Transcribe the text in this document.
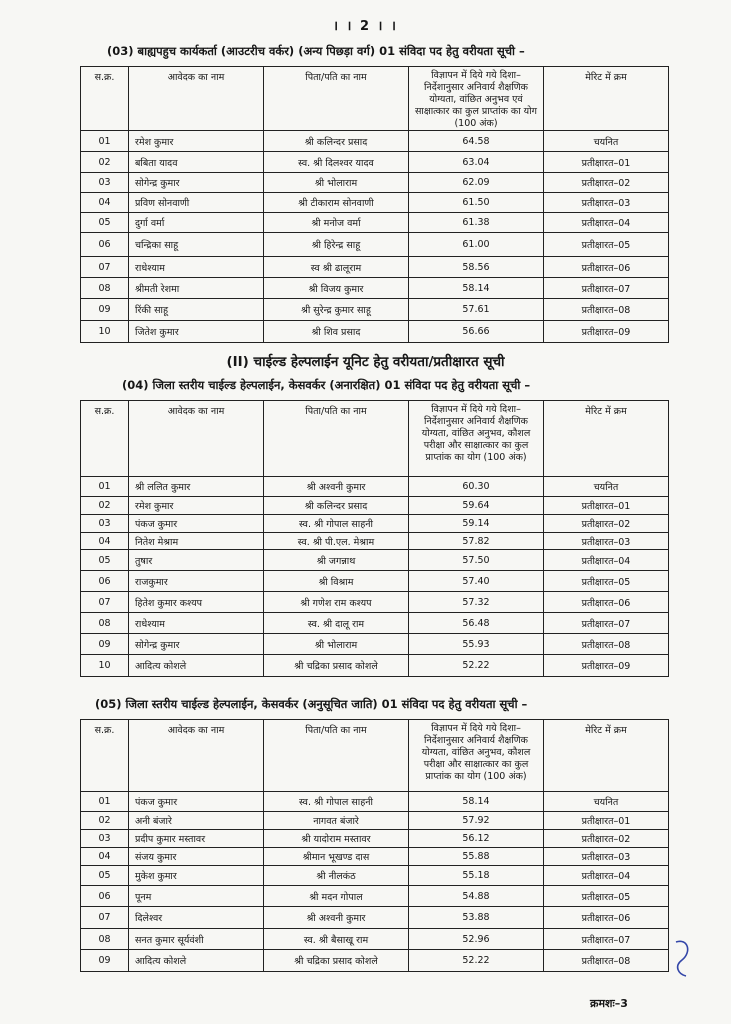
। । 2 । ।
(03) बाह्यपहुच कार्यकर्ता (आउटरीच वर्कर) (अन्य पिछड़ा वर्ग) 01 संविदा पद हेतु वरीयता सूची –
स.क्र.	आवेदक का नाम	पिता/पति का नाम	विज्ञापन में दिये गये दिशा–निर्देशानुसार अनिवार्य शैक्षणिक योग्यता, वांछित अनुभव एवं साक्षात्कार का कुल प्राप्तांक का योग (100 अंक)	मेरिट में क्रम
01	रमेश कुमार	श्री कलिन्दर प्रसाद	64.58	चयनित
02	बबिता यादव	स्व. श्री दिलश्वर यादव	63.04	प्रतीक्षारत–01
03	सोगेन्द्र कुमार	श्री भोलाराम	62.09	प्रतीक्षारत–02
04	प्रविण सोनवाणी	श्री टीकाराम सोनवाणी	61.50	प्रतीक्षारत–03
05	दुर्गा वर्मा	श्री मनोज वर्मा	61.38	प्रतीक्षारत–04
06	चन्द्रिका साहू	श्री हिरेन्द्र साहू	61.00	प्रतीक्षारत–05
07	राधेश्याम	स्व श्री ढालूराम	58.56	प्रतीक्षारत–06
08	श्रीमती रेशमा	श्री विजय कुमार	58.14	प्रतीक्षारत–07
09	रिंकी साहू	श्री सुरेन्द्र कुमार साहू	57.61	प्रतीक्षारत–08
10	जितेश कुमार	श्री शिव प्रसाद	56.66	प्रतीक्षारत–09
(II) चाईल्ड हेल्पलाईन यूनिट हेतु वरीयता/प्रतीक्षारत सूची
(04) जिला स्तरीय चाईल्ड हेल्पलाईन, केसवर्कर (अनारक्षित) 01 संविदा पद हेतु वरीयता सूची –
स.क्र.	आवेदक का नाम	पिता/पति का नाम	विज्ञापन में दिये गये दिशा–निर्देशानुसार अनिवार्य शैक्षणिक योग्यता, वांछित अनुभव, कौशल परीक्षा और साक्षात्कार का कुल प्राप्तांक का योग (100 अंक)	मेरिट में क्रम
01	श्री ललित कुमार	श्री अश्वनी कुमार	60.30	चयनित
02	रमेश कुमार	श्री कलिन्दर प्रसाद	59.64	प्रतीक्षारत–01
03	पंकज कुमार	स्व. श्री गोपाल साहनी	59.14	प्रतीक्षारत–02
04	नितेश मेश्राम	स्व. श्री पी.एल. मेश्राम	57.82	प्रतीक्षारत–03
05	तुषार	श्री जगन्नाथ	57.50	प्रतीक्षारत–04
06	राजकुमार	श्री विश्राम	57.40	प्रतीक्षारत–05
07	हितेश कुमार कश्यप	श्री गणेश राम कश्यप	57.32	प्रतीक्षारत–06
08	राधेश्याम	स्व. श्री दालू राम	56.48	प्रतीक्षारत–07
09	सोगेन्द्र कुमार	श्री भोलाराम	55.93	प्रतीक्षारत–08
10	आदित्य कोशले	श्री चद्रिका प्रसाद कोशले	52.22	प्रतीक्षारत–09
(05) जिला स्तरीय चाईल्ड हेल्पलाईन, केसवर्कर (अनुसूचित जाति) 01 संविदा पद हेतु वरीयता सूची –
स.क्र.	आवेदक का नाम	पिता/पति का नाम	विज्ञापन में दिये गये दिशा–निर्देशानुसार अनिवार्य शैक्षणिक योग्यता, वांछित अनुभव, कौशल परीक्षा और साक्षात्कार का कुल प्राप्तांक का योग (100 अंक)	मेरिट में क्रम
01	पंकज कुमार	स्व. श्री गोपाल साहनी	58.14	चयनित
02	अनी बंजारे	नागवत बंजारे	57.92	प्रतीक्षारत–01
03	प्रदीप कुमार मस्तावर	श्री यादोराम मस्तावर	56.12	प्रतीक्षारत–02
04	संजय कुमार	श्रीमान भूखण्ड दास	55.88	प्रतीक्षारत–03
05	मुकेश कुमार	श्री नीलकंठ	55.18	प्रतीक्षारत–04
06	पूनम	श्री मदन गोपाल	54.88	प्रतीक्षारत–05
07	दिलेश्वर	श्री अश्वनी कुमार	53.88	प्रतीक्षारत–06
08	सनत कुमार सूर्यवंशी	स्व. श्री बैसाखू राम	52.96	प्रतीक्षारत–07
09	आदित्य कोशले	श्री चद्रिका प्रसाद कोशले	52.22	प्रतीक्षारत–08
क्रमशः–3
